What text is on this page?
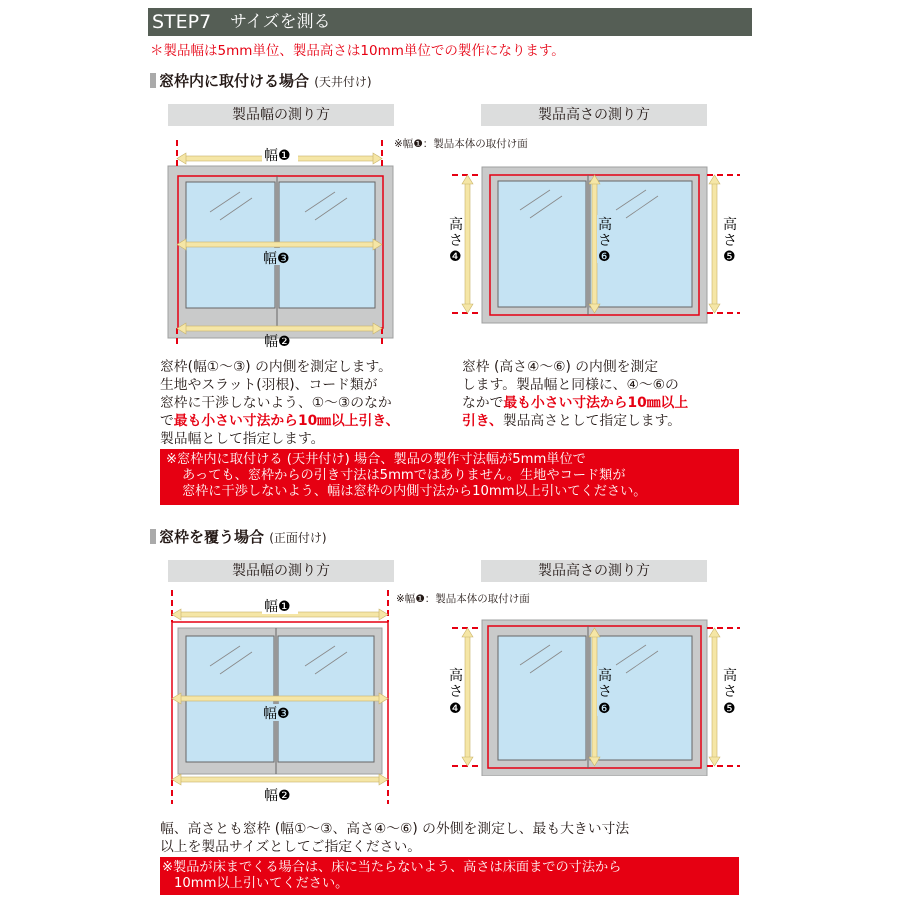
STEP7 サイズを測る
＊製品幅は5mm単位、製品高さは10mm単位での製作になります。
窓枠内に取付ける場合 (天井付け)
製品幅の測り方	製品高さの測り方
※幅❶：製品本体の取付け面
幅❶
幅❸
幅❷
高
さ
❹
高
さ
❻
高
さ
❺
窓枠(幅①～③) の内側を測定します。
生地やスラット(羽根)、コード類が
窓枠に干渉しないよう、①～③のなか
で最も小さい寸法から10㎜以上引き、
製品幅として指定します。
窓枠 (高さ④～⑥) の内側を測定
します。製品幅と同様に、④～⑥の
なかで最も小さい寸法から10㎜以上
引き、製品高さとして指定します。
※窓枠内に取付ける (天井付け) 場合、製品の製作寸法幅が5mm単位で
あっても、窓枠からの引き寸法は5mmではありません。生地やコード類が
窓枠に干渉しないよう、幅は窓枠の内側寸法から10mm以上引いてください。
窓枠を覆う場合 (正面付け)
製品幅の測り方	製品高さの測り方
※幅❶：製品本体の取付け面
幅❶
幅❸
幅❷
高
さ
❹
高
さ
❻
高
さ
❺
幅、高さとも窓枠 (幅①～③、高さ④～⑥) の外側を測定し、最も大きい寸法
以上を製品サイズとしてご指定ください。
※製品が床までくる場合は、床に当たらないよう、高さは床面までの寸法から
10mm以上引いてください。
